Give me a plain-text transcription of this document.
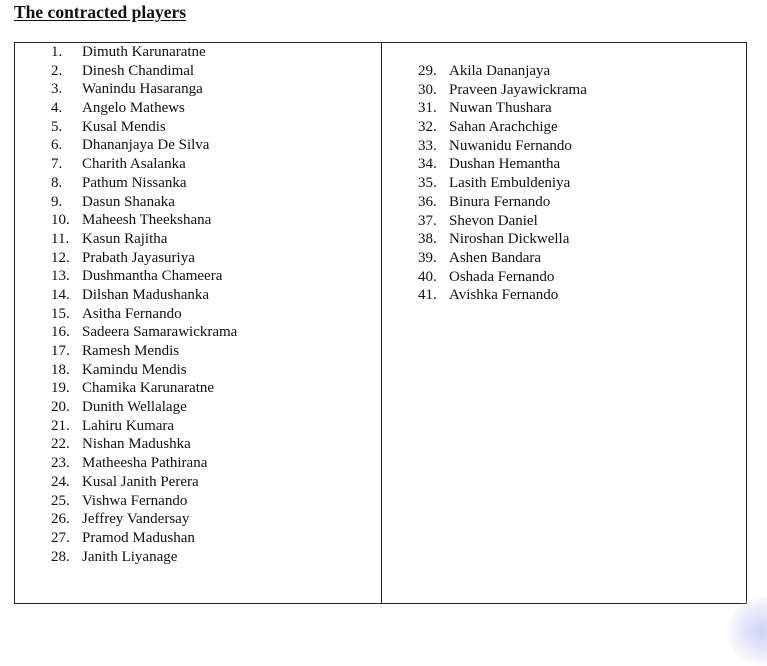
The contracted players
1.	Dimuth Karunaratne
2.	Dinesh Chandimal
3.	Wanindu Hasaranga
4.	Angelo Mathews
5.	Kusal Mendis
6.	Dhananjaya De Silva
7.	Charith Asalanka
8.	Pathum Nissanka
9.	Dasun Shanaka
10. Maheesh Theekshana
11. Kasun Rajitha
12. Prabath Jayasuriya
13. Dushmantha Chameera
14. Dilshan Madushanka
15. Asitha Fernando
16. Sadeera Samarawickrama
17. Ramesh Mendis
18. Kamindu Mendis
19. Chamika Karunaratne
20. Dunith Wellalage
21. Lahiru Kumara
22. Nishan Madushka
23. Matheesha Pathirana
24. Kusal Janith Perera
25. Vishwa Fernando
26. Jeffrey Vandersay
27. Pramod Madushan
28. Janith Liyanage
29. Akila Dananjaya
30. Praveen Jayawickrama
31. Nuwan Thushara
32. Sahan Arachchige
33. Nuwanidu Fernando
34. Dushan Hemantha
35. Lasith Embuldeniya
36. Binura Fernando
37. Shevon Daniel
38. Niroshan Dickwella
39. Ashen Bandara
40. Oshada Fernando
41. Avishka Fernando
